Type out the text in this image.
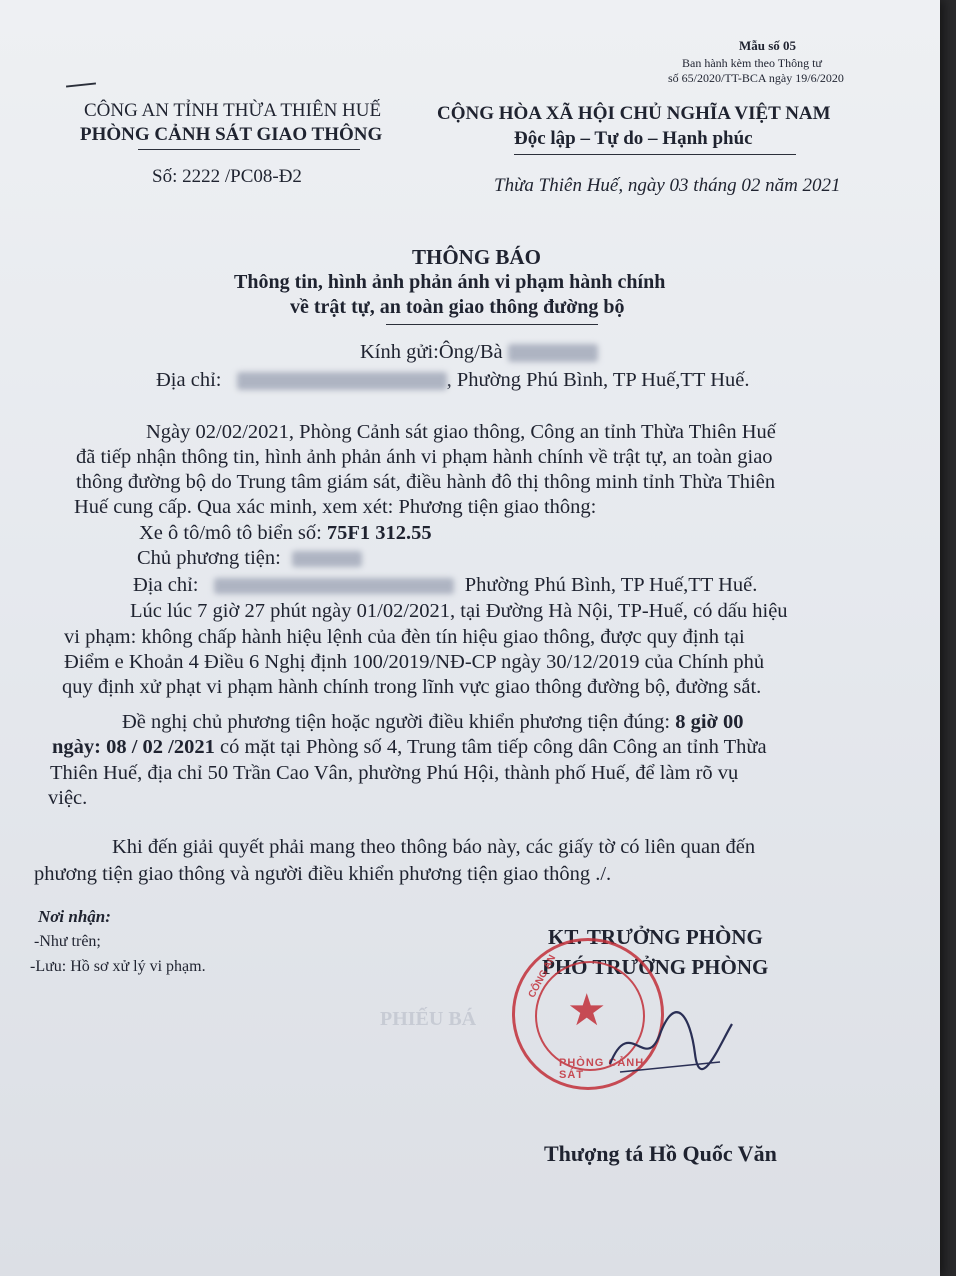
Mẫu số 05
Ban hành kèm theo Thông tư
số 65/2020/TT-BCA ngày 19/6/2020
CÔNG AN TỈNH THỪA THIÊN HUẾ
PHÒNG CẢNH SÁT GIAO THÔNG
CỘNG HÒA XÃ HỘI CHỦ NGHĨA VIỆT NAM
Độc lập – Tự do – Hạnh phúc
Số: 2222 /PC08-Đ2	Thừa Thiên Huế, ngày 03 tháng 02 năm 2021
THÔNG BÁO
Thông tin, hình ảnh phản ánh vi phạm hành chính
về trật tự, an toàn giao thông đường bộ
Kính gửi:Ông/Bà
Địa chỉ:	, Phường Phú Bình, TP Huế,TT Huế.
Ngày 02/02/2021, Phòng Cảnh sát giao thông, Công an tỉnh Thừa Thiên Huế
đã tiếp nhận thông tin, hình ảnh phản ánh vi phạm hành chính về trật tự, an toàn giao
thông đường bộ do Trung tâm giám sát, điều hành đô thị thông minh tỉnh Thừa Thiên
Huế cung cấp. Qua xác minh, xem xét: Phương tiện giao thông:
Xe ô tô/mô tô biển số: 75F1 312.55
Chủ phương tiện:
Địa chỉ:	Phường Phú Bình, TP Huế,TT Huế.
Lúc lúc 7 giờ 27 phút ngày 01/02/2021, tại Đường Hà Nội, TP-Huế, có dấu hiệu
vi phạm: không chấp hành hiệu lệnh của đèn tín hiệu giao thông, được quy định tại
Điểm e Khoản 4 Điều 6 Nghị định 100/2019/NĐ-CP ngày 30/12/2019 của Chính phủ
quy định xử phạt vi phạm hành chính trong lĩnh vực giao thông đường bộ, đường sắt.
Đề nghị chủ phương tiện hoặc người điều khiển phương tiện đúng: 8 giờ 00
ngày: 08 / 02 /2021 có mặt tại Phòng số 4, Trung tâm tiếp công dân Công an tỉnh Thừa
Thiên Huế, địa chỉ 50 Trần Cao Vân, phường Phú Hội, thành phố Huế, để làm rõ vụ
việc.
Khi đến giải quyết phải mang theo thông báo này, các giấy tờ có liên quan đến
phương tiện giao thông và người điều khiển phương tiện giao thông ./.
Nơi nhận:
-Như trên;
-Lưu: Hồ sơ xử lý vi phạm.
KT. TRƯỞNG PHÒNG
PHÓ TRƯỞNG PHÒNG
★
CÔNG AN
PHÒNG CẢNH SÁT
Thượng tá Hồ Quốc Văn
PHIẾU BÁ
